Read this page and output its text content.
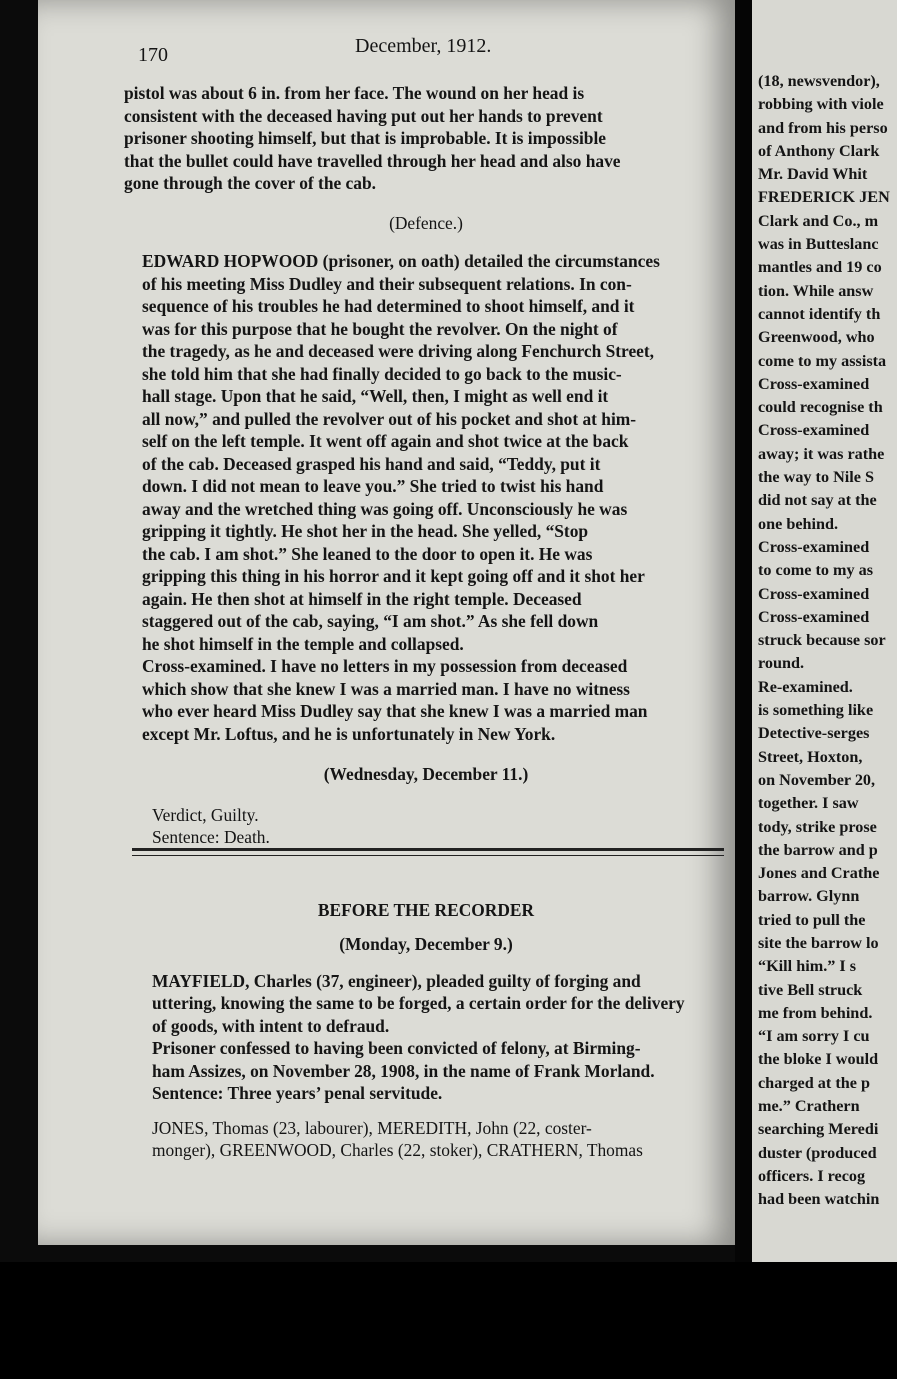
(18, newsvendor),
robbing with viole
and from his perso
of Anthony Clark
Mr. David Whit
FREDERICK JEN
Clark and Co., m
was in Butteslanc
mantles and 19 co
tion. While answ
cannot identify th
Greenwood, who
come to my assista
Cross-examined
could recognise th
Cross-examined
away; it was rathe
the way to Nile S
did not say at the
one behind.
Cross-examined
to come to my as
Cross-examined
Cross-examined
struck because sor
round.
Re-examined.
is something like
Detective-serges
Street, Hoxton,
on November 20,
together. I saw
tody, strike prose
the barrow and p
Jones and Crathe
barrow. Glynn
tried to pull the
site the barrow lo
“Kill him.” I s
tive Bell struck
me from behind.
“I am sorry I cu
the bloke I would
charged at the p
me.” Crathern
searching Meredi
duster (produced
officers. I recog
had been watchin
170	December, 1912.
pistol was about 6 in. from her face. The wound on her head is
consistent with the deceased having put out her hands to prevent
prisoner shooting himself, but that is improbable. It is impossible
that the bullet could have travelled through her head and also have
gone through the cover of the cab.
(Defence.)
EDWARD HOPWOOD (prisoner, on oath) detailed the circumstances
of his meeting Miss Dudley and their subsequent relations. In con-
sequence of his troubles he had determined to shoot himself, and it
was for this purpose that he bought the revolver. On the night of
the tragedy, as he and deceased were driving along Fenchurch Street,
she told him that she had finally decided to go back to the music-
hall stage. Upon that he said, “Well, then, I might as well end it
all now,” and pulled the revolver out of his pocket and shot at him-
self on the left temple. It went off again and shot twice at the back
of the cab. Deceased grasped his hand and said, “Teddy, put it
down. I did not mean to leave you.” She tried to twist his hand
away and the wretched thing was going off. Unconsciously he was
gripping it tightly. He shot her in the head. She yelled, “Stop
the cab. I am shot.” She leaned to the door to open it. He was
gripping this thing in his horror and it kept going off and it shot her
again. He then shot at himself in the right temple. Deceased
staggered out of the cab, saying, “I am shot.” As she fell down
he shot himself in the temple and collapsed.
Cross-examined. I have no letters in my possession from deceased
which show that she knew I was a married man. I have no witness
who ever heard Miss Dudley say that she knew I was a married man
except Mr. Loftus, and he is unfortunately in New York.
(Wednesday, December 11.)
Verdict, Guilty.
Sentence: Death.
BEFORE THE RECORDER
(Monday, December 9.)
MAYFIELD, Charles (37, engineer), pleaded guilty of forging and
uttering, knowing the same to be forged, a certain order for the delivery
of goods, with intent to defraud.
Prisoner confessed to having been convicted of felony, at Birming-
ham Assizes, on November 28, 1908, in the name of Frank Morland.
Sentence: Three years’ penal servitude.
JONES, Thomas (23, labourer), MEREDITH, John (22, coster-
monger), GREENWOOD, Charles (22, stoker), CRATHERN, Thomas
